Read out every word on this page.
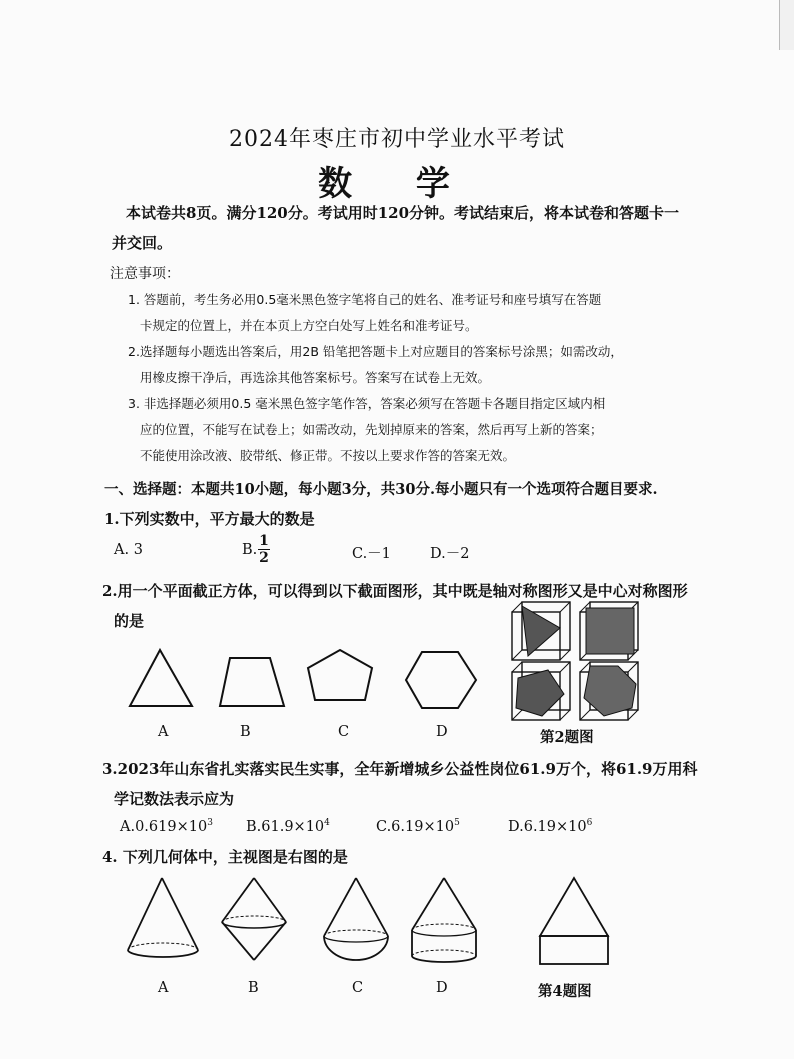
2024年枣庄市初中学业水平考试
数 学
本试卷共8页。满分120分。考试用时120分钟。考试结束后，将本试卷和答题卡一
并交回。
注意事项：
1. 答题前，考生务必用0.5毫米黑色签字笔将自己的姓名、准考证号和座号填写在答题
卡规定的位置上，并在本页上方空白处写上姓名和准考证号。
2.选择题每小题选出答案后，用2B 铅笔把答题卡上对应题目的答案标号涂黑；如需改动，
用橡皮擦干净后，再选涂其他答案标号。答案写在试卷上无效。
3. 非选择题必须用0.5 毫米黑色签字笔作答，答案必须写在答题卡各题目指定区域内相
应的位置，不能写在试卷上；如需改动，先划掉原来的答案，然后再写上新的答案；
不能使用涂改液、胶带纸、修正带。不按以上要求作答的答案无效。
一、选择题：本题共10小题，每小题3分，共30分.每小题只有一个选项符合题目要求.
1.下列实数中，平方最大的数是
A. 3	B.
1
2	C.－1	D.－2
2.用一个平面截正方体，可以得到以下截面图形，其中既是轴对称图形又是中心对称图形
的是
A	B	C	D	第2题图
3.2023年山东省扎实落实民生实事，全年新增城乡公益性岗位61.9万个，将61.9万用科
学记数法表示应为
$A.0.619\times 10^3$ $B.61.9\times 10^4$	$C.6.19\times 10^5$	$D.6.19\times 10^6$
4. 下列几何体中，主视图是右图的是
A	B	C	D	第4题图
